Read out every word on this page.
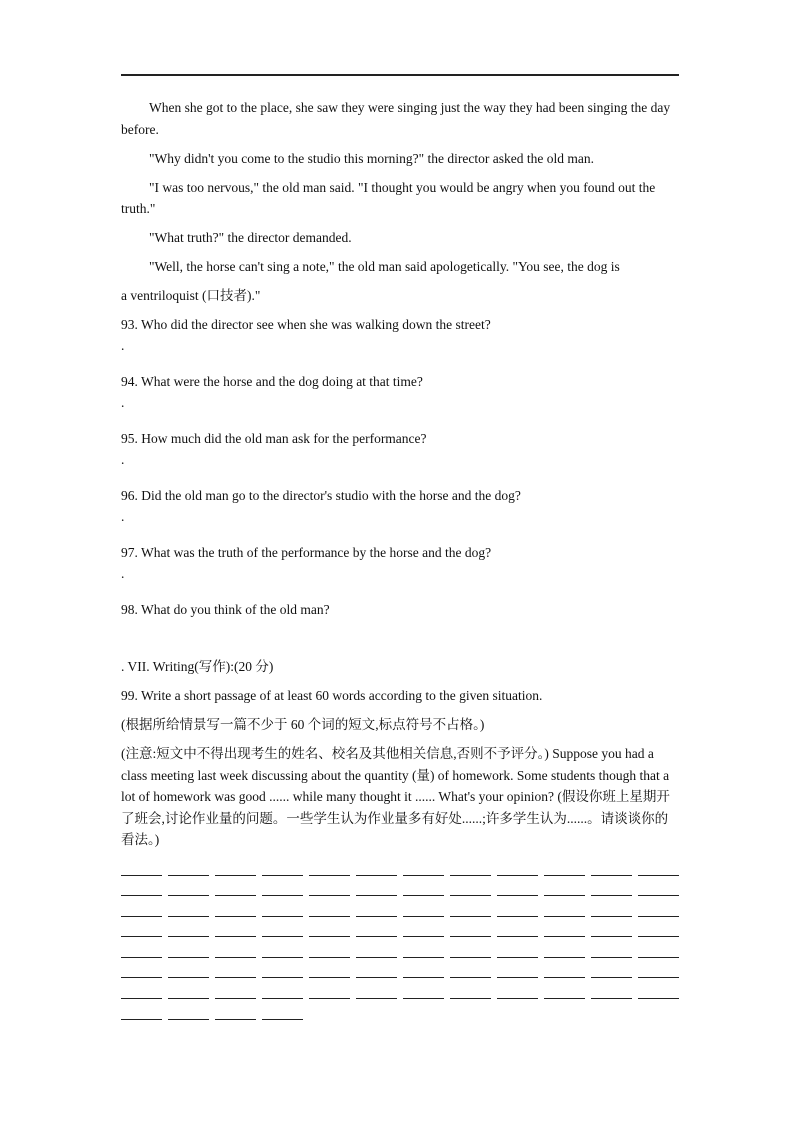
When she got to the place, she saw they were singing just the way they had been singing the day before.

"Why didn't you come to the studio this morning?" the director asked the old man.

"I was too nervous," the old man said. "I thought you would be angry when you found out the truth."

"What truth?" the director demanded.

"Well, the horse can't sing a note," the old man said apologetically. "You see, the dog is

a ventriloquist (口技者)."

93. Who did the director see when she was walking down the street?

.

94. What were the horse and the dog doing at that time?

.

95. How much did the old man ask for the performance?

.

96. Did the old man go to the director's studio with the horse and the dog?

.

97. What was the truth of the performance by the horse and the dog?

.

98. What do you think of the old man?

. VII. Writing(写作):(20 分)

99. Write a short passage of at least 60 words according to the given situation.

(根据所给情景写一篇不少于 60 个词的短文,标点符号不占格。)

(注意:短文中不得出现考生的姓名、校名及其他相关信息,否则不予评分。) Suppose you had a class meeting last week discussing about the quantity (量) of homework. Some students though that a lot of homework was good ...... while many thought it ...... What's your opinion? (假设你班上星期开了班会,讨论作业量的问题。一些学生认为作业量多有好处......;许多学生认为......。请谈谈你的看法。)
